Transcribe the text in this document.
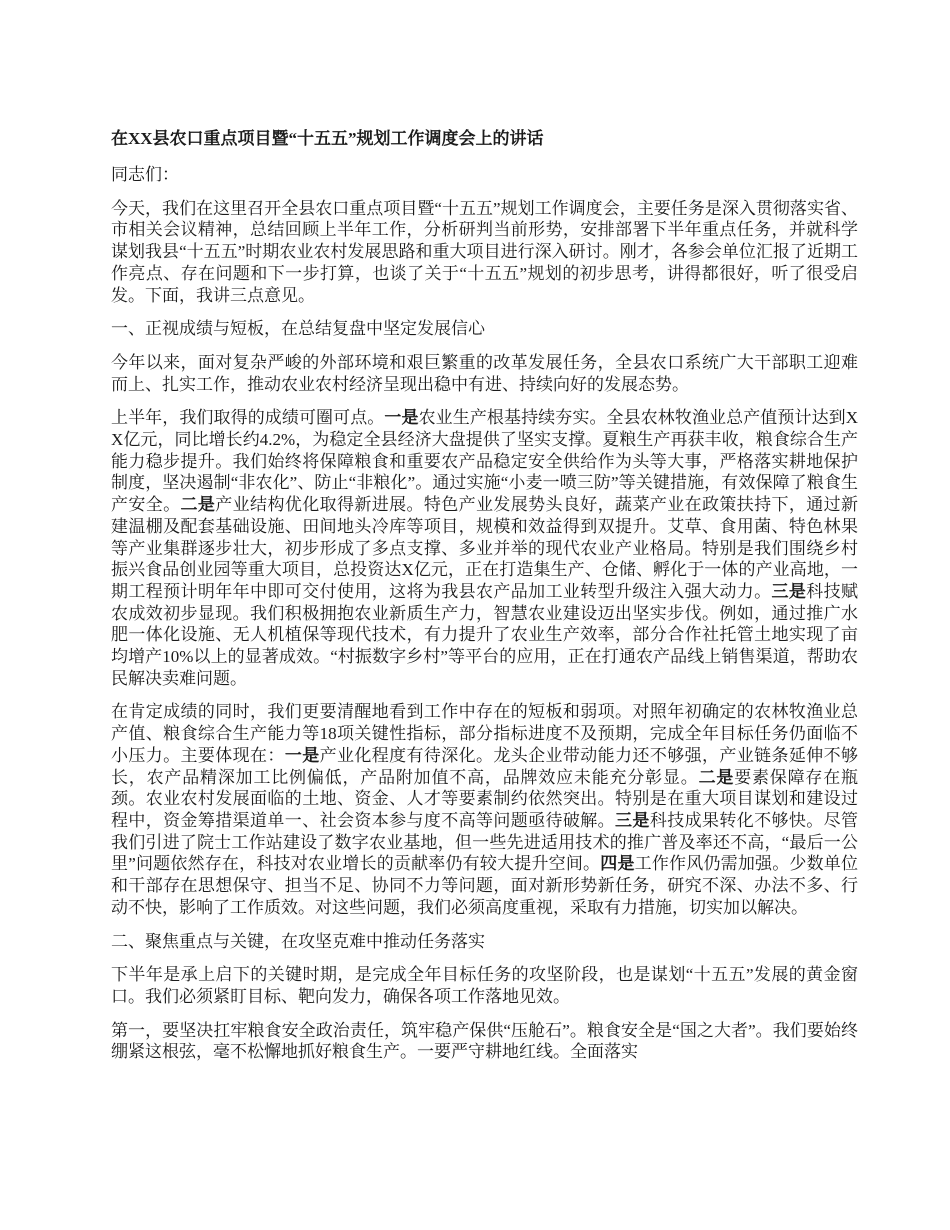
在XX县农口重点项目暨“十五五”规划工作调度会上的讲话

同志们：

今天，我们在这里召开全县农口重点项目暨“十五五”规划工作调度会，主要任务是深入贯彻落实省、市相关会议精神，总结回顾上半年工作，分析研判当前形势，安排部署下半年重点任务，并就科学谋划我县“十五五”时期农业农村发展思路和重大项目进行深入研讨。刚才，各参会单位汇报了近期工作亮点、存在问题和下一步打算，也谈了关于“十五五”规划的初步思考，讲得都很好，听了很受启发。下面，我讲三点意见。

一、正视成绩与短板，在总结复盘中坚定发展信心

今年以来，面对复杂严峻的外部环境和艰巨繁重的改革发展任务，全县农口系统广大干部职工迎难而上、扎实工作，推动农业农村经济呈现出稳中有进、持续向好的发展态势。

上半年，我们取得的成绩可圈可点。一是农业生产根基持续夯实。全县农林牧渔业总产值预计达到XX亿元，同比增长约4.2%，为稳定全县经济大盘提供了坚实支撑。夏粮生产再获丰收，粮食综合生产能力稳步提升。我们始终将保障粮食和重要农产品稳定安全供给作为头等大事，严格落实耕地保护制度，坚决遏制“非农化”、防止“非粮化”。通过实施“小麦一喷三防”等关键措施，有效保障了粮食生产安全。二是产业结构优化取得新进展。特色产业发展势头良好，蔬菜产业在政策扶持下，通过新建温棚及配套基础设施、田间地头冷库等项目，规模和效益得到双提升。艾草、食用菌、特色林果等产业集群逐步壮大，初步形成了多点支撑、多业并举的现代农业产业格局。特别是我们围绕乡村振兴食品创业园等重大项目，总投资达X亿元，正在打造集生产、仓储、孵化于一体的产业高地，一期工程预计明年年中即可交付使用，这将为我县农产品加工业转型升级注入强大动力。三是科技赋农成效初步显现。我们积极拥抱农业新质生产力，智慧农业建设迈出坚实步伐。例如，通过推广水肥一体化设施、无人机植保等现代技术，有力提升了农业生产效率，部分合作社托管土地实现了亩均增产10%以上的显著成效。“村振数字乡村”等平台的应用，正在打通农产品线上销售渠道，帮助农民解决卖难问题。

在肯定成绩的同时，我们更要清醒地看到工作中存在的短板和弱项。对照年初确定的农林牧渔业总产值、粮食综合生产能力等18项关键性指标，部分指标进度不及预期，完成全年目标任务仍面临不小压力。主要体现在：一是产业化程度有待深化。龙头企业带动能力还不够强，产业链条延伸不够长，农产品精深加工比例偏低，产品附加值不高，品牌效应未能充分彰显。二是要素保障存在瓶颈。农业农村发展面临的土地、资金、人才等要素制约依然突出。特别是在重大项目谋划和建设过程中，资金筹措渠道单一、社会资本参与度不高等问题亟待破解。三是科技成果转化不够快。尽管我们引进了院士工作站建设了数字农业基地，但一些先进适用技术的推广普及率还不高，“最后一公里”问题依然存在，科技对农业增长的贡献率仍有较大提升空间。四是工作作风仍需加强。少数单位和干部存在思想保守、担当不足、协同不力等问题，面对新形势新任务，研究不深、办法不多、行动不快，影响了工作质效。对这些问题，我们必须高度重视，采取有力措施，切实加以解决。

二、聚焦重点与关键，在攻坚克难中推动任务落实

下半年是承上启下的关键时期，是完成全年目标任务的攻坚阶段，也是谋划“十五五”发展的黄金窗口。我们必须紧盯目标、靶向发力，确保各项工作落地见效。

第一，要坚决扛牢粮食安全政治责任，筑牢稳产保供“压舱石”。粮食安全是“国之大者”。我们要始终绷紧这根弦，毫不松懈地抓好粮食生产。一要严守耕地红线。全面落实
